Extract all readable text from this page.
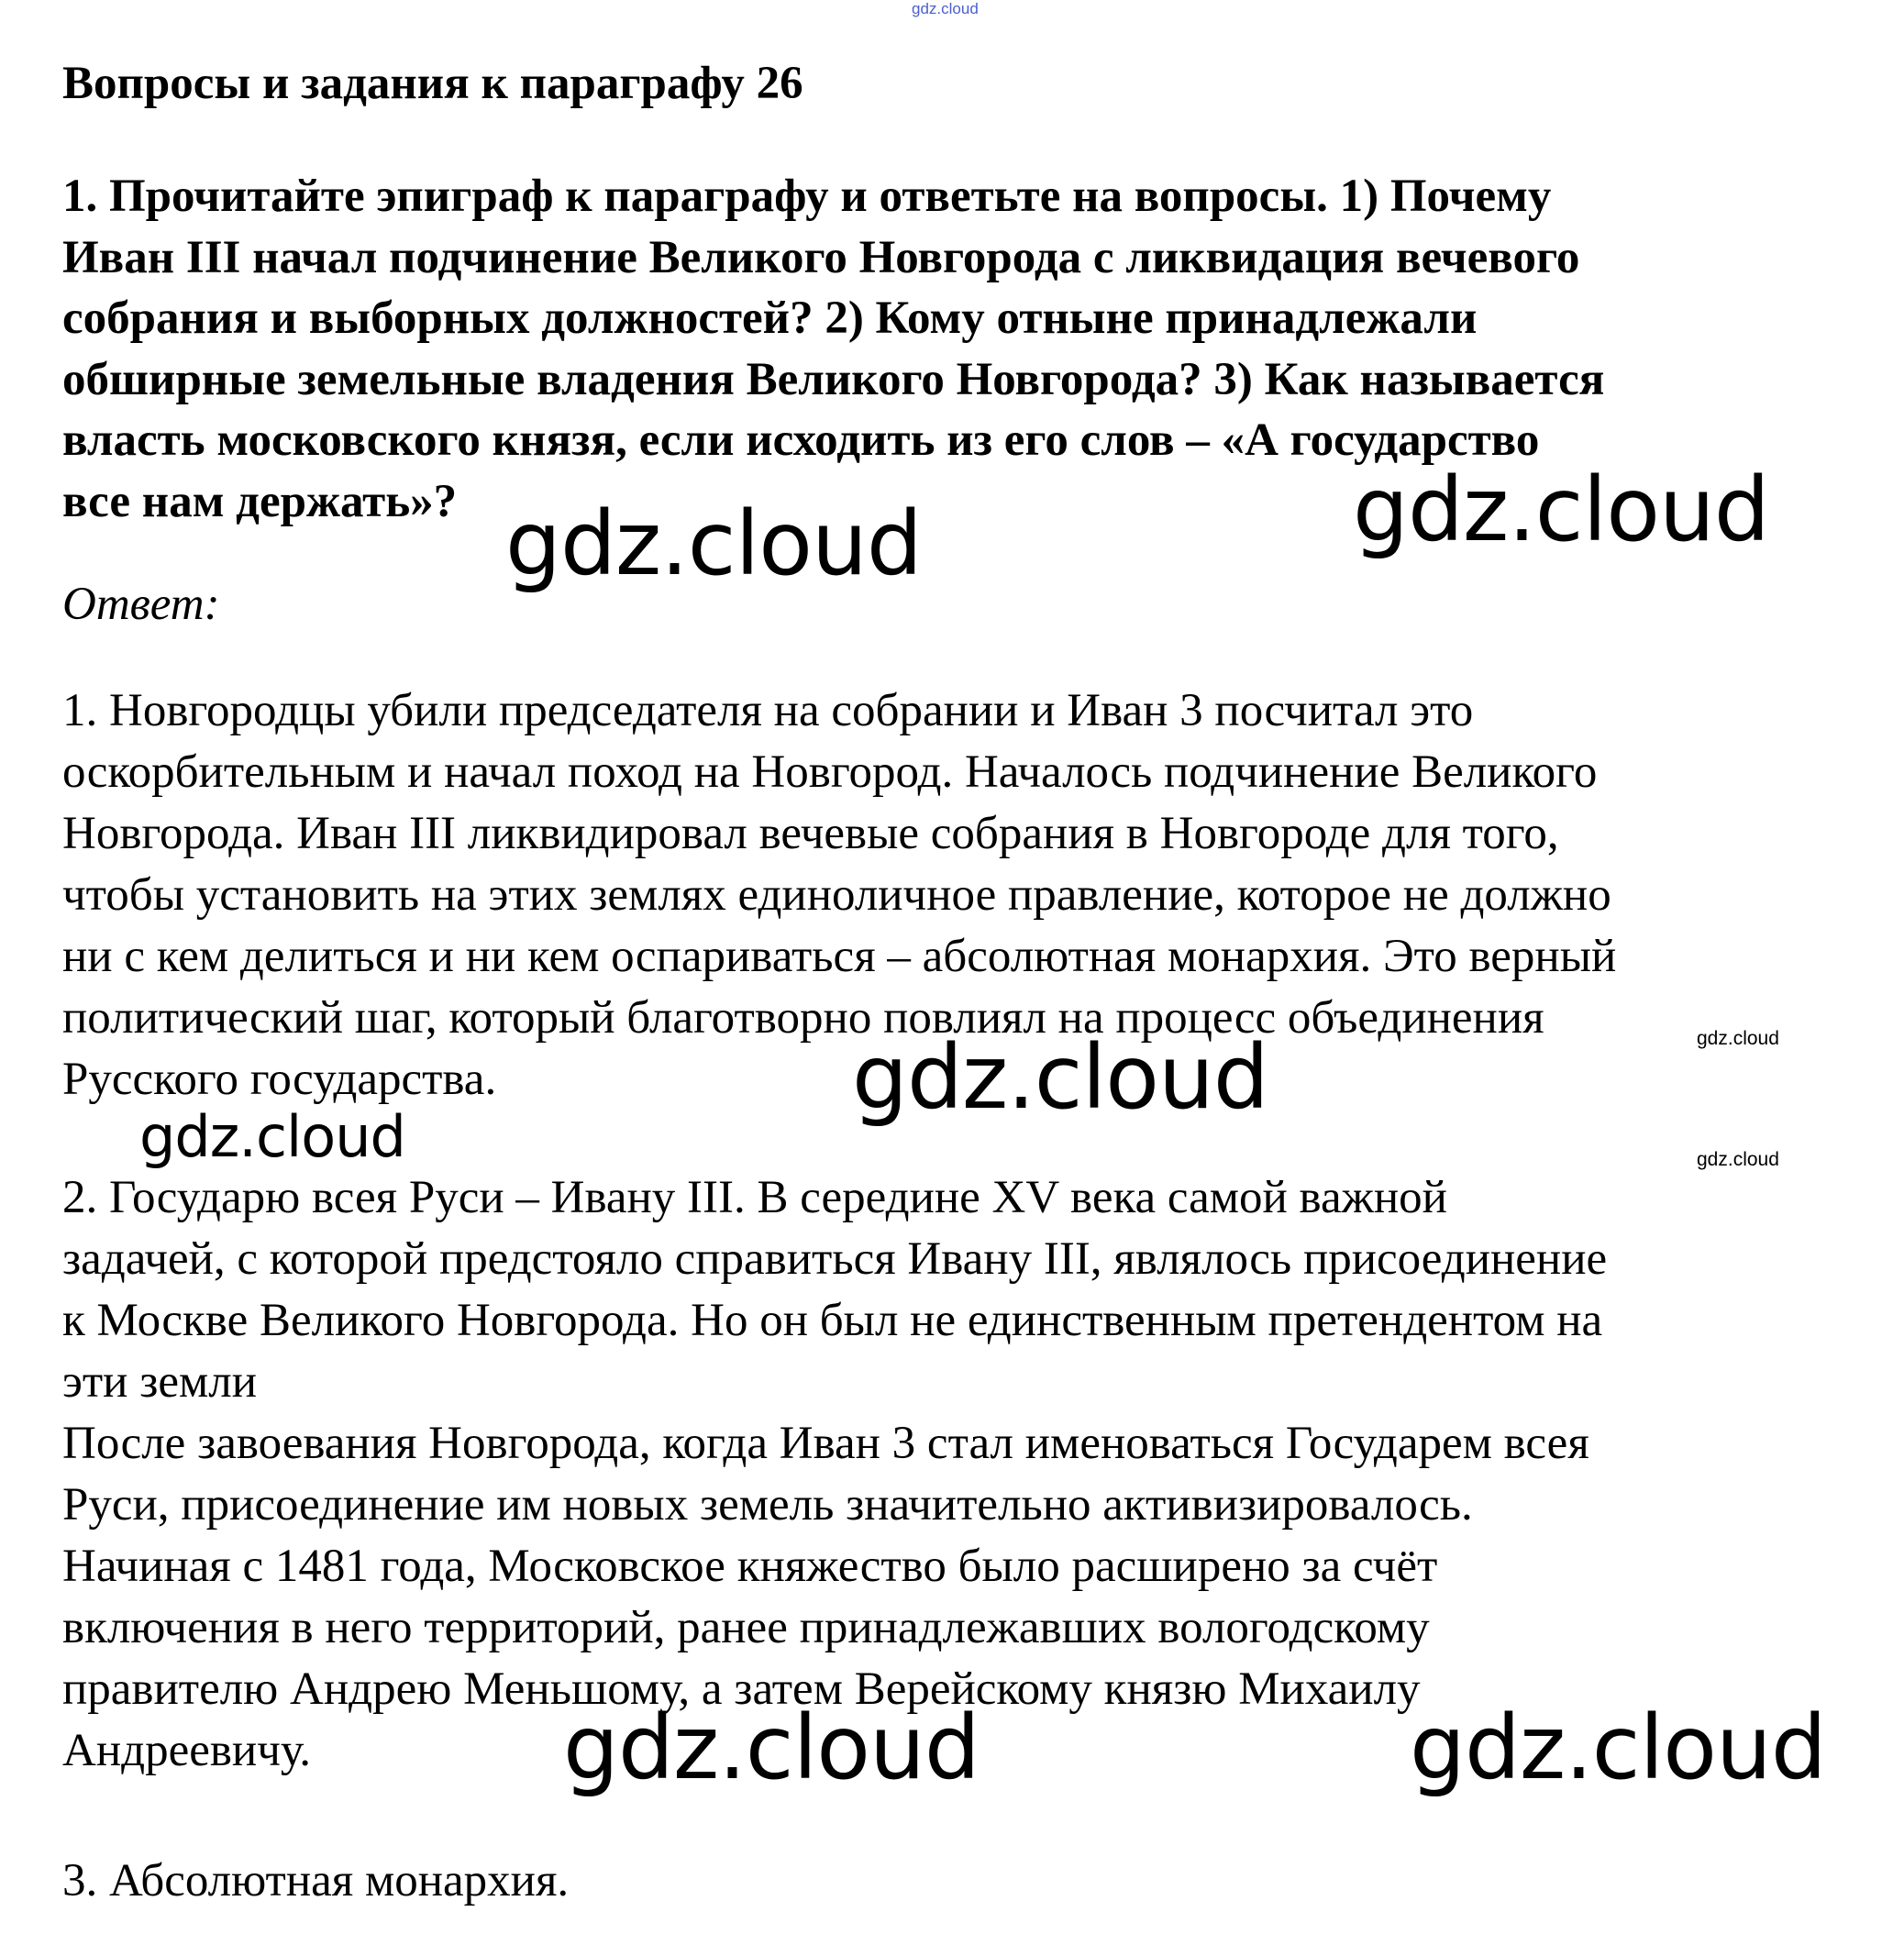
gdz.cloud
Вопросы и задания к параграфу 26
1. Прочитайте эпиграф к параграфу и ответьте на вопросы. 1) Почему
Иван III начал подчинение Великого Новгорода с ликвидация вечевого
собрания и выборных должностей? 2) Кому отныне принадлежали
обширные земельные владения Великого Новгорода? 3) Как называется
власть московского князя, если исходить из его слов – «А государство
все нам держать»?
Ответ:
1. Новгородцы убили председателя на собрании и Иван 3 посчитал это
оскорбительным и начал поход на Новгород. Началось подчинение Великого
Новгорода. Иван III ликвидировал вечевые собрания в Новгороде для того,
чтобы установить на этих землях единоличное правление, которое не должно
ни с кем делиться и ни кем оспариваться – абсолютная монархия. Это верный
политический шаг, который благотворно повлиял на процесс объединения
Русского государства.
2. Государю всея Руси – Ивану III. В середине XV века самой важной
задачей, с которой предстояло справиться Ивану III, являлось присоединение
к Москве Великого Новгорода. Но он был не единственным претендентом на
эти земли
После завоевания Новгорода, когда Иван 3 стал именоваться Государем всея
Руси, присоединение им новых земель значительно активизировалось.
Начиная с 1481 года, Московское княжество было расширено за счёт
включения в него территорий, ранее принадлежавших вологодскому
правителю Андрею Меньшому, а затем Верейскому князю Михаилу
Андреевичу.
3. Абсолютная монархия.
gdz.cloud	gdz.cloud
gdz.cloud
gdz.cloud
gdz.cloud
gdz.cloud
gdz.cloud	gdz.cloud
